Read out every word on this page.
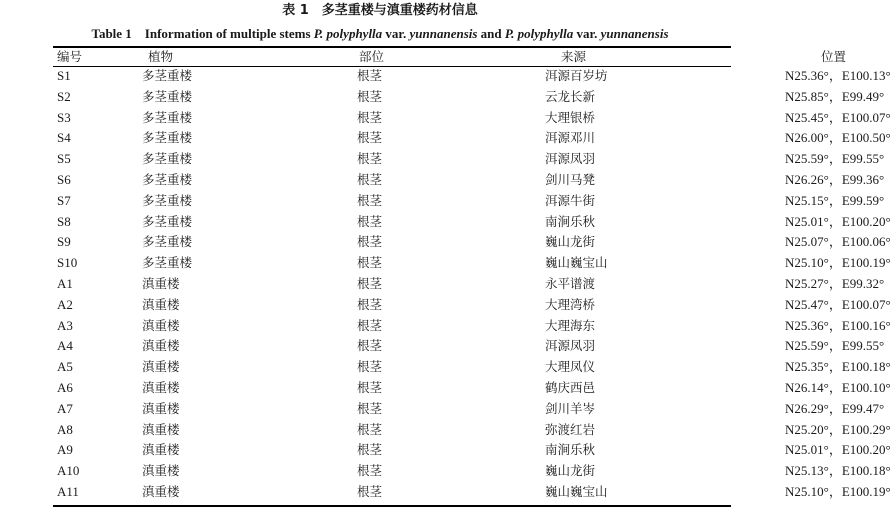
表 1　多茎重楼与滇重楼药材信息
Table 1　Information of multiple stems P. polyphylla var. yunnanensis and P. polyphylla var. yunnanensis
编号	植物	部位	来源	位置
S1	多茎重楼	根茎	洱源百岁坊	N25.36°，E100.13°
S2	多茎重楼	根茎	云龙长新	N25.85°，E99.49°
S3	多茎重楼	根茎	大理银桥	N25.45°，E100.07°
S4	多茎重楼	根茎	洱源邓川	N26.00°，E100.50°
S5	多茎重楼	根茎	洱源凤羽	N25.59°，E99.55°
S6	多茎重楼	根茎	剑川马凳	N26.26°，E99.36°
S7	多茎重楼	根茎	洱源牛街	N25.15°，E99.59°
S8	多茎重楼	根茎	南涧乐秋	N25.01°，E100.20°
S9	多茎重楼	根茎	巍山龙街	N25.07°，E100.06°
S10	多茎重楼	根茎	巍山巍宝山	N25.10°，E100.19°
A1	滇重楼	根茎	永平谱渡	N25.27°，E99.32°
A2	滇重楼	根茎	大理湾桥	N25.47°，E100.07°
A3	滇重楼	根茎	大理海东	N25.36°，E100.16°
A4	滇重楼	根茎	洱源凤羽	N25.59°，E99.55°
A5	滇重楼	根茎	大理凤仪	N25.35°，E100.18°
A6	滇重楼	根茎	鹤庆西邑	N26.14°，E100.10°
A7	滇重楼	根茎	剑川羊岑	N26.29°，E99.47°
A8	滇重楼	根茎	弥渡红岩	N25.20°，E100.29°
A9	滇重楼	根茎	南涧乐秋	N25.01°，E100.20°
A10	滇重楼	根茎	巍山龙街	N25.13°，E100.18°
A11	滇重楼	根茎	巍山巍宝山	N25.10°，E100.19°
